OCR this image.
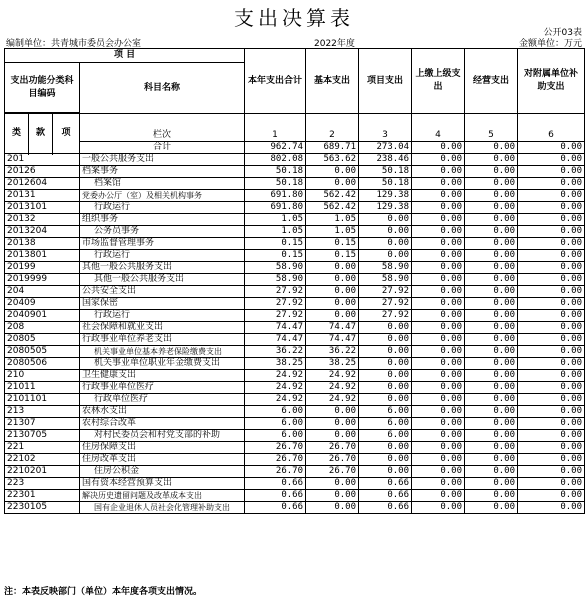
支出决算表
公开03表
编制单位：共青城市委员会办公室	2022年度	金额单位：万元
项 目				本年支出合计	基本支出	项目支出	上缴上级支出	经营支出	对附属单位补助支出
支出功能分类科目编码			科目名称						

类	款	项	栏次	1	2	3	4	5	6
			合计	962.74	689.71	273.04	0.00	0.00	0.00

201			一般公共服务支出	802.08	563.62	238.46	0.00	0.00	0.00
20126			档案事务	50.18	0.00	50.18	0.00	0.00	0.00
2012604			档案馆	50.18	0.00	50.18	0.00	0.00	0.00
20131			党委办公厅（室）及相关机构事务	691.80	562.42	129.38	0.00	0.00	0.00
2013101			行政运行	691.80	562.42	129.38	0.00	0.00	0.00
20132			组织事务	1.05	1.05	0.00	0.00	0.00	0.00
2013204			公务员事务	1.05	1.05	0.00	0.00	0.00	0.00
20138			市场监督管理事务	0.15	0.15	0.00	0.00	0.00	0.00
2013801			行政运行	0.15	0.15	0.00	0.00	0.00	0.00
20199			其他一般公共服务支出	58.90	0.00	58.90	0.00	0.00	0.00
2019999			其他一般公共服务支出	58.90	0.00	58.90	0.00	0.00	0.00
204			公共安全支出	27.92	0.00	27.92	0.00	0.00	0.00
20409			国家保密	27.92	0.00	27.92	0.00	0.00	0.00
2040901			行政运行	27.92	0.00	27.92	0.00	0.00	0.00
208			社会保障和就业支出	74.47	74.47	0.00	0.00	0.00	0.00
20805			行政事业单位养老支出	74.47	74.47	0.00	0.00	0.00	0.00
2080505			机关事业单位基本养老保险缴费支出	36.22	36.22	0.00	0.00	0.00	0.00
2080506			机关事业单位职业年金缴费支出	38.25	38.25	0.00	0.00	0.00	0.00
210			卫生健康支出	24.92	24.92	0.00	0.00	0.00	0.00
21011			行政事业单位医疗	24.92	24.92	0.00	0.00	0.00	0.00
2101101			行政单位医疗	24.92	24.92	0.00	0.00	0.00	0.00
213			农林水支出	6.00	0.00	6.00	0.00	0.00	0.00
21307			农村综合改革	6.00	0.00	6.00	0.00	0.00	0.00
2130705			对村民委员会和村党支部的补助	6.00	0.00	6.00	0.00	0.00	0.00
221			住房保障支出	26.70	26.70	0.00	0.00	0.00	0.00
22102			住房改革支出	26.70	26.70	0.00	0.00	0.00	0.00
2210201			住房公积金	26.70	26.70	0.00	0.00	0.00	0.00
223			国有资本经营预算支出	0.66	0.00	0.66	0.00	0.00	0.00
22301			解决历史遗留问题及改革成本支出	0.66	0.00	0.66	0.00	0.00	0.00
2230105			国有企业退休人员社会化管理补助支出	0.66	0.00	0.66	0.00	0.00	0.00
注：本表反映部门（单位）本年度各项支出情况。
